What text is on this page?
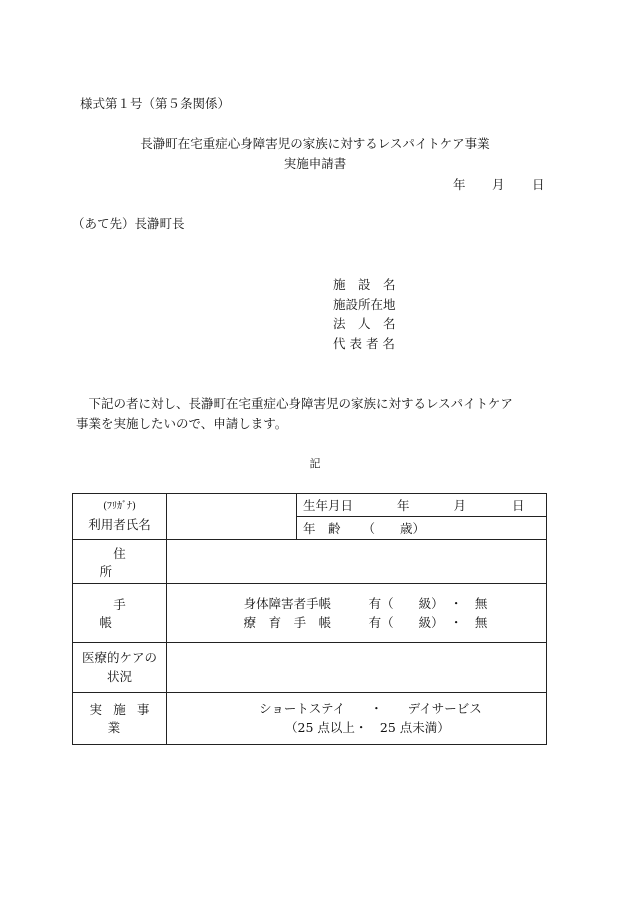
様式第１号（第５条関係）
長瀞町在宅重症心身障害児の家族に対するレスパイトケア事業
実施申請書
年 月 日
（あて先）長瀞町長
施　設　名
施設所在地
法　人　名
代 表 者 名
　下記の者に対し、長瀞町在宅重症心身障害児の家族に対するレスパイトケア
事業を実施したいので、申請します。
記
(ﾌﾘｶﾞﾅ)
利用者氏名		生年月日 年 月 日
		年　齢 （　　歳）
住所		
手帳	身体障害者手帳　　　有（　　級）　・　無
療　育　手　帳　　　有（　　級）　・　無	

医療的ケアの
状況		

実施事業	ショートステイ　　・　　デイサービス
（25 点以上・　25 点未満）	
